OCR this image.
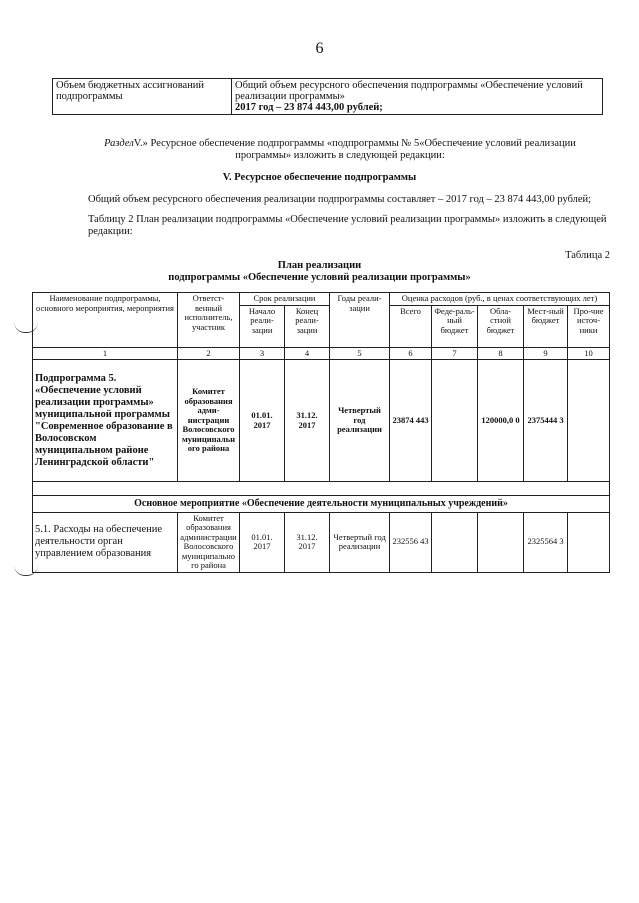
6
Объем бюджетных ассигнований подпрограммы	
Общий объем ресурсного обеспечения подпрограммы «Обеспечение условий реализации программы»
2017 год – 23 874 443,00 рублей;
РазделV.» Ресурсное обеспечение подпрограммы «подпрограммы № 5«Обеспечение условий реализации программы» изложить в следующей редакции:
V. Ресурсное обеспечение подпрограммы
Общий объем ресурсного обеспечения реализации подпрограммы составляет – 2017 год – 23 874 443,00 рублей;
Таблицу 2 План реализации подпрограммы «Обеспечение условий реализации программы» изложить в следующей редакции:
Таблица 2
План реализации
подпрограммы «Обеспечение условий реализации программы»
Наименование подпрограммы, основного мероприятия, мероприятия	Ответст-венный исполнитель, участник	Срок реализации		Годы реали-зации	Оценка расходов (руб., в ценах соответствующих лет)				
		Начало реали-зации	Конец реали-зации		Всего	Феде-раль-ный бюджет	Обла-стной бюджет	Мест-ный бюджет	Про-чие источ-ники
1	2	3	4	5	6	7	8	9	10
Подпрограмма 5. «Обеспечение условий реализации программы» муниципальной программы "Современное образование в Волосовском муниципальном районе Ленинградской области"	Комитет образования адми-нистрации Волосовского муниципальн ого района	01.01. 2017	31.12. 2017	Четвертый год реализации	23874 443		120000,0 0	2375444 3	

Основное мероприятие «Обеспечение деятельности муниципальных учреждений»									
5.1. Расходы на обеспечение деятельности орган управлением образования	Комитет образования администрации Волосовского муниципально го района	01.01. 2017	31.12. 2017	Четвертый год реализации	232556 43			2325564 3	
